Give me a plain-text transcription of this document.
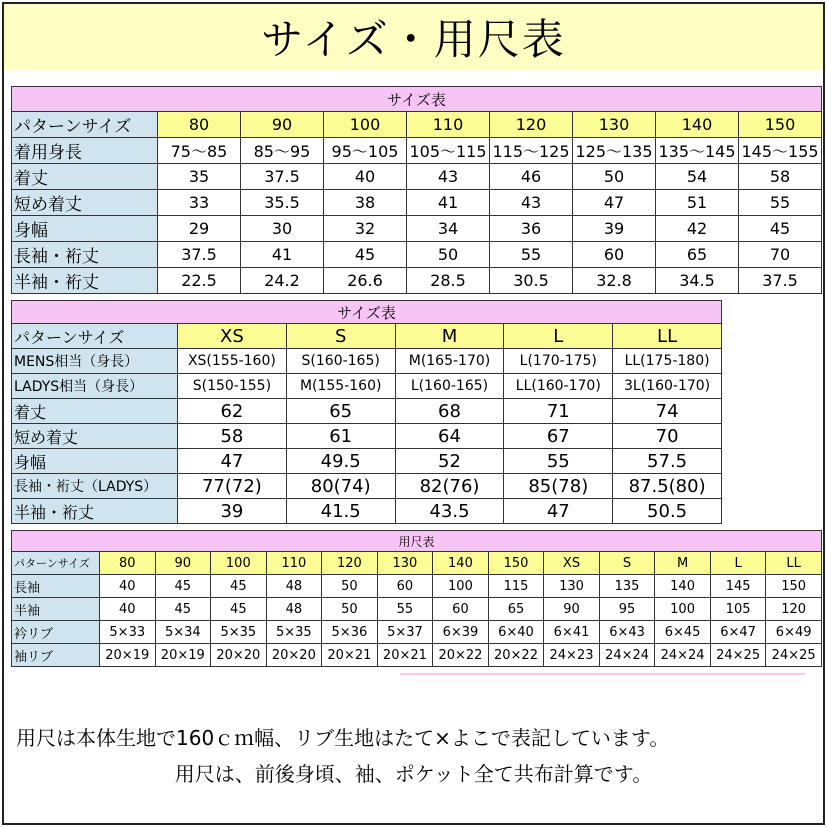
サイズ・用尺表
サイズ表								
パターンサイズ	80	90	100	110	120	130	140	150
着用身長	75～85	85～95	95～105	105～115	115～125	125～135	135～145	145～155
着丈	35	37.5	40	43	46	50	54	58
短め着丈	33	35.5	38	41	43	47	51	55
身幅	29	30	32	34	36	39	42	45
長袖・裄丈	37.5	41	45	50	55	60	65	70
半袖・裄丈	22.5	24.2	26.6	28.5	30.5	32.8	34.5	37.5
サイズ表					
パターンサイズ	XS	S	M	L	LL
MENS相当（身長）	XS(155-160)	S(160-165)	M(165-170)	L(170-175)	LL(175-180)
LADYS相当（身長）	S(150-155)	M(155-160)	L(160-165)	LL(160-170)	3L(160-170)
着丈	62	65	68	71	74
短め着丈	58	61	64	67	70
身幅	47	49.5	52	55	57.5
長袖・裄丈（LADYS）	77(72)	80(74)	82(76)	85(78)	87.5(80)
半袖・裄丈	39	41.5	43.5	47	50.5
用尺表													
パターンサイズ	80	90	100	110	120	130	140	150	XS	S	M	L	LL
長袖	40	45	45	48	50	60	100	115	130	135	140	145	150
半袖	40	45	45	48	50	55	60	65	90	95	100	105	120
衿リブ	5×33	5×34	5×35	5×35	5×36	5×37	6×39	6×40	6×41	6×43	6×45	6×47	6×49
袖リブ	20×19	20×19	20×20	20×20	20×21	20×21	20×22	20×22	24×23	24×24	24×24	24×25	24×25
用尺は本体生地で160ｃｍ幅、リブ生地はたて×よこで表記しています。
用尺は、前後身頃、袖、ポケット全て共布計算です。
